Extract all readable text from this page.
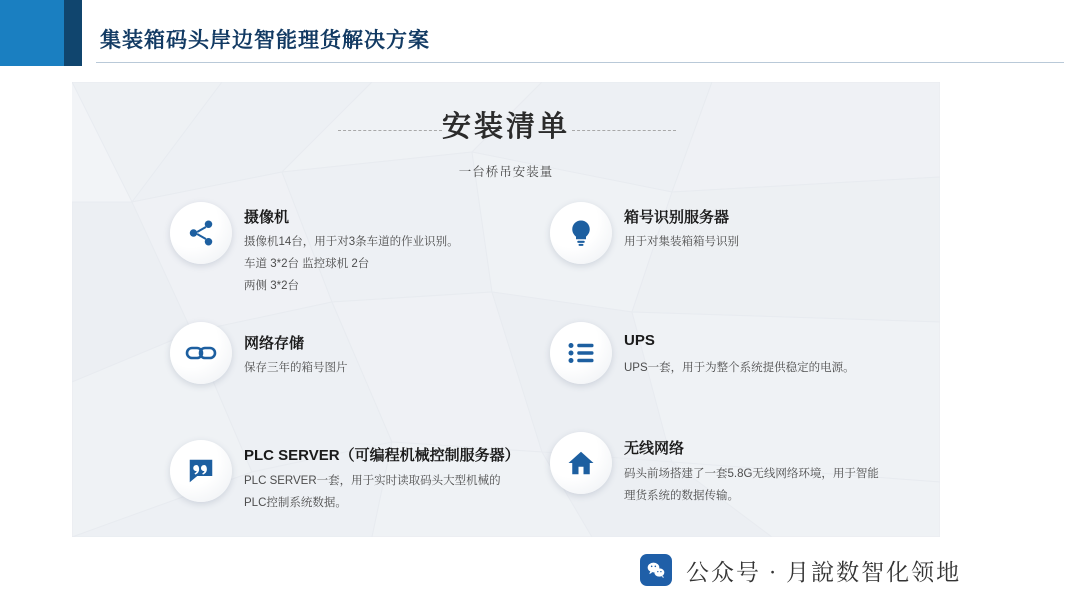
集装箱码头岸边智能理货解决方案
安装清单
一台桥吊安装量
摄像机
摄像机14台，用于对3条车道的作业识别。
车道 3*2台 监控球机 2台
两侧 3*2台
箱号识别服务器
用于对集装箱箱号识别
网络存储
保存三年的箱号图片
UPS
UPS一套，用于为整个系统提供稳定的电源。
PLC SERVER（可编程机械控制服务器）
PLC SERVER一套，用于实时读取码头大型机械的
PLC控制系统数据。
无线网络
码头前场搭建了一套5.8G无线网络环境，用于智能
理货系统的数据传输。
公众号 · 月說数智化领地
